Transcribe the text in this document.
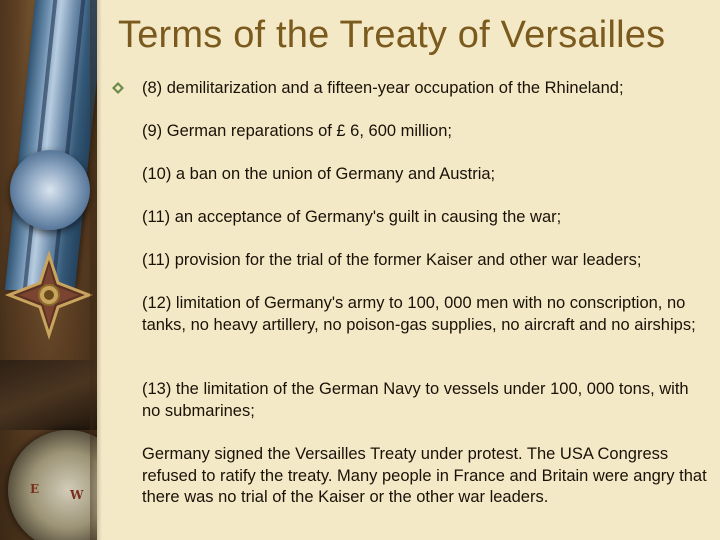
E	W
Terms of the Treaty of Versailles

(8) demilitarization and a fifteen-year occupation of the Rhineland;

(9) German reparations of £ 6, 600 million;

(10) a ban on the union of Germany and Austria;

(11) an acceptance of Germany's guilt in causing the war;

(11) provision for the trial of the former Kaiser and other war leaders;

(12) limitation of Germany's army to 100, 000 men with no conscription, no tanks, no heavy artillery, no poison-gas supplies, no aircraft and no airships;

(13) the limitation of the German Navy to vessels under 100, 000 tons, with no submarines;

Germany signed the Versailles Treaty under protest. The USA Congress refused to ratify the treaty. Many people in France and Britain were angry that there was no trial of the Kaiser or the other war leaders.
